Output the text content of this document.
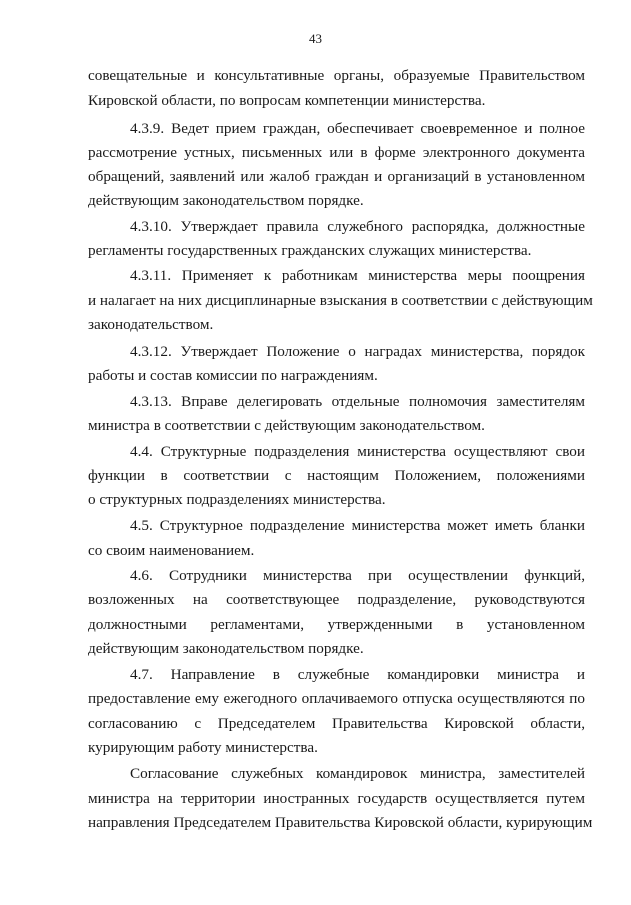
43
совещательные и консультативные органы, образуемые Правительством
Кировской области, по вопросам компетенции министерства.
4.3.9. Ведет прием граждан, обеспечивает своевременное и полное
рассмотрение устных, письменных или в форме электронного документа
обращений, заявлений или жалоб граждан и организаций в установленном
действующим законодательством порядке.
4.3.10. Утверждает правила служебного распорядка, должностные
регламенты государственных гражданских служащих министерства.
4.3.11. Применяет к работникам министерства меры поощрения
и налагает на них дисциплинарные взыскания в соответствии с действующим
законодательством.
4.3.12. Утверждает Положение о наградах министерства, порядок
работы и состав комиссии по награждениям.
4.3.13. Вправе делегировать отдельные полномочия заместителям
министра в соответствии с действующим законодательством.
4.4. Структурные подразделения министерства осуществляют свои
функции в соответствии с настоящим Положением, положениями
о структурных подразделениях министерства.
4.5. Структурное подразделение министерства может иметь бланки
со своим наименованием.
4.6. Сотрудники министерства при осуществлении функций,
возложенных на соответствующее подразделение, руководствуются
должностными регламентами, утвержденными в установленном
действующим законодательством порядке.
4.7. Направление в служебные командировки министра и
предоставление ему ежегодного оплачиваемого отпуска осуществляются по
согласованию с Председателем Правительства Кировской области,
курирующим работу министерства.
Согласование служебных командировок министра, заместителей
министра на территории иностранных государств осуществляется путем
направления Председателем Правительства Кировской области, курирующим
